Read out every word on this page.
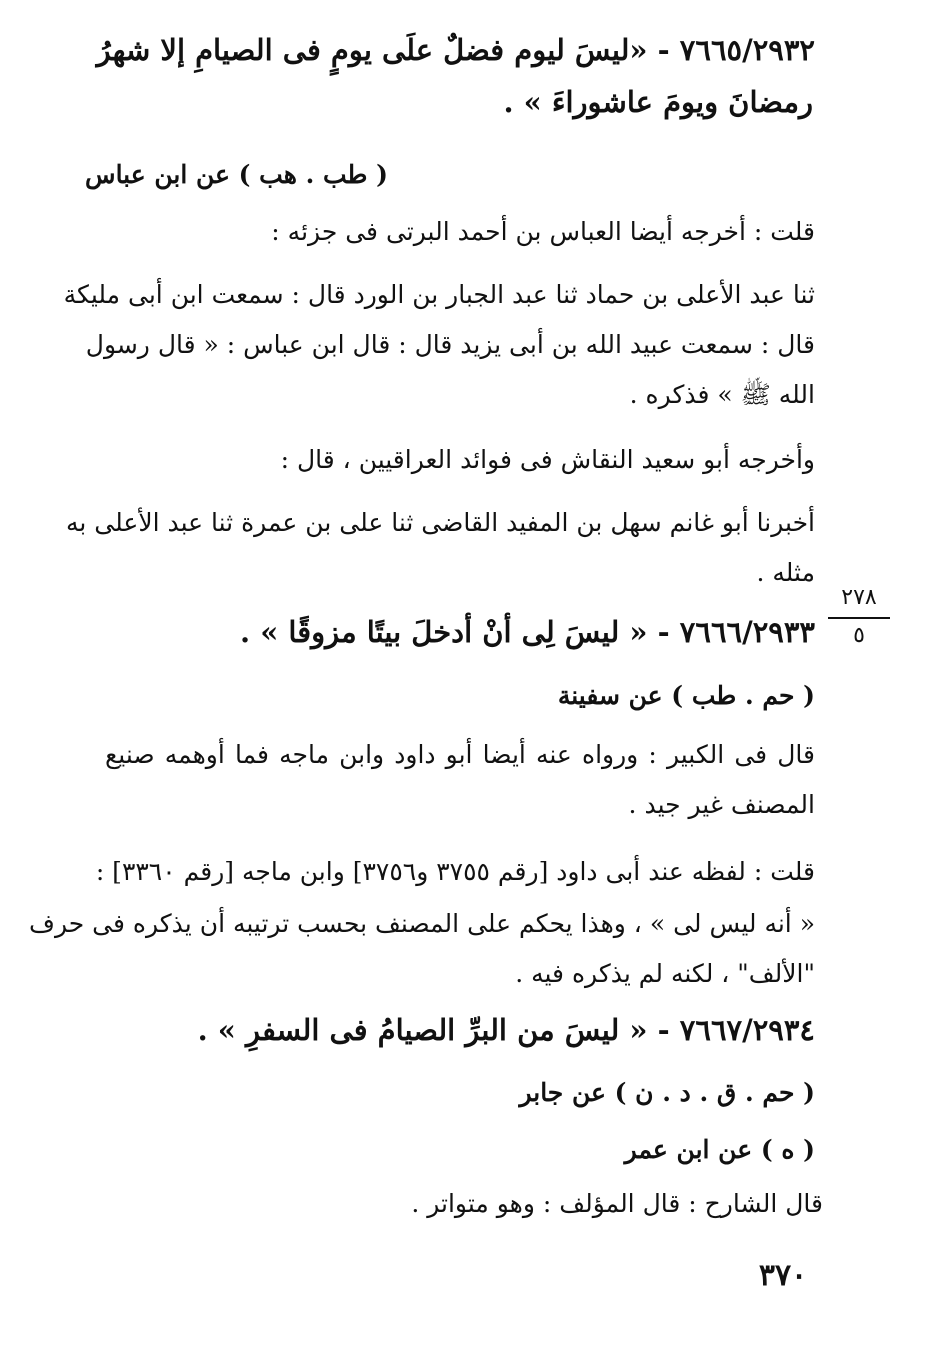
٧٦٦٥/٢٩٣٢ - «ليسَ ليوم فضلٌ علَى يومٍ فى الصيامِ إلا شهرُ
رمضانَ ويومَ عاشوراءَ » .
( طب . هب ) عن ابن عباس
قلت : أخرجه أيضا العباس بن أحمد البرتى فى جزئه :
ثنا عبد الأعلى بن حماد ثنا عبد الجبار بن الورد قال : سمعت ابن أبى مليكة
قال : سمعت عبيد الله بن أبى يزيد قال : قال ابن عباس : « قال رسول
الله ﷺ » فذكره .
وأخرجه أبو سعيد النقاش فى فوائد العراقيين ، قال :
أخبرنا أبو غانم سهل بن المفيد القاضى ثنا على بن عمرة ثنا عبد الأعلى به
مثله .
٢٧٨
٥
٧٦٦٦/٢٩٣٣ - « ليسَ لِى أنْ أدخلَ بيتًا مزوقًا » .
( حم . طب ) عن سفينة
قال فى الكبير : ورواه عنه أيضا أبو داود وابن ماجه فما أوهمه صنيع
المصنف غير جيد .
قلت : لفظه عند أبى داود [رقم ٣٧٥٥ و٣٧٥٦] وابن ماجه [رقم ٣٣٦٠] :
« أنه ليس لى » ، وهذا يحكم على المصنف بحسب ترتيبه أن يذكره فى حرف
"الألف" ، لكنه لم يذكره فيه .
٧٦٦٧/٢٩٣٤ - « ليسَ من البرِّ الصيامُ فى السفرِ » .
( حم . ق . د . ن ) عن جابر
( ه ) عن ابن عمر
قال الشارح : قال المؤلف : وهو متواتر .
٣٧٠
